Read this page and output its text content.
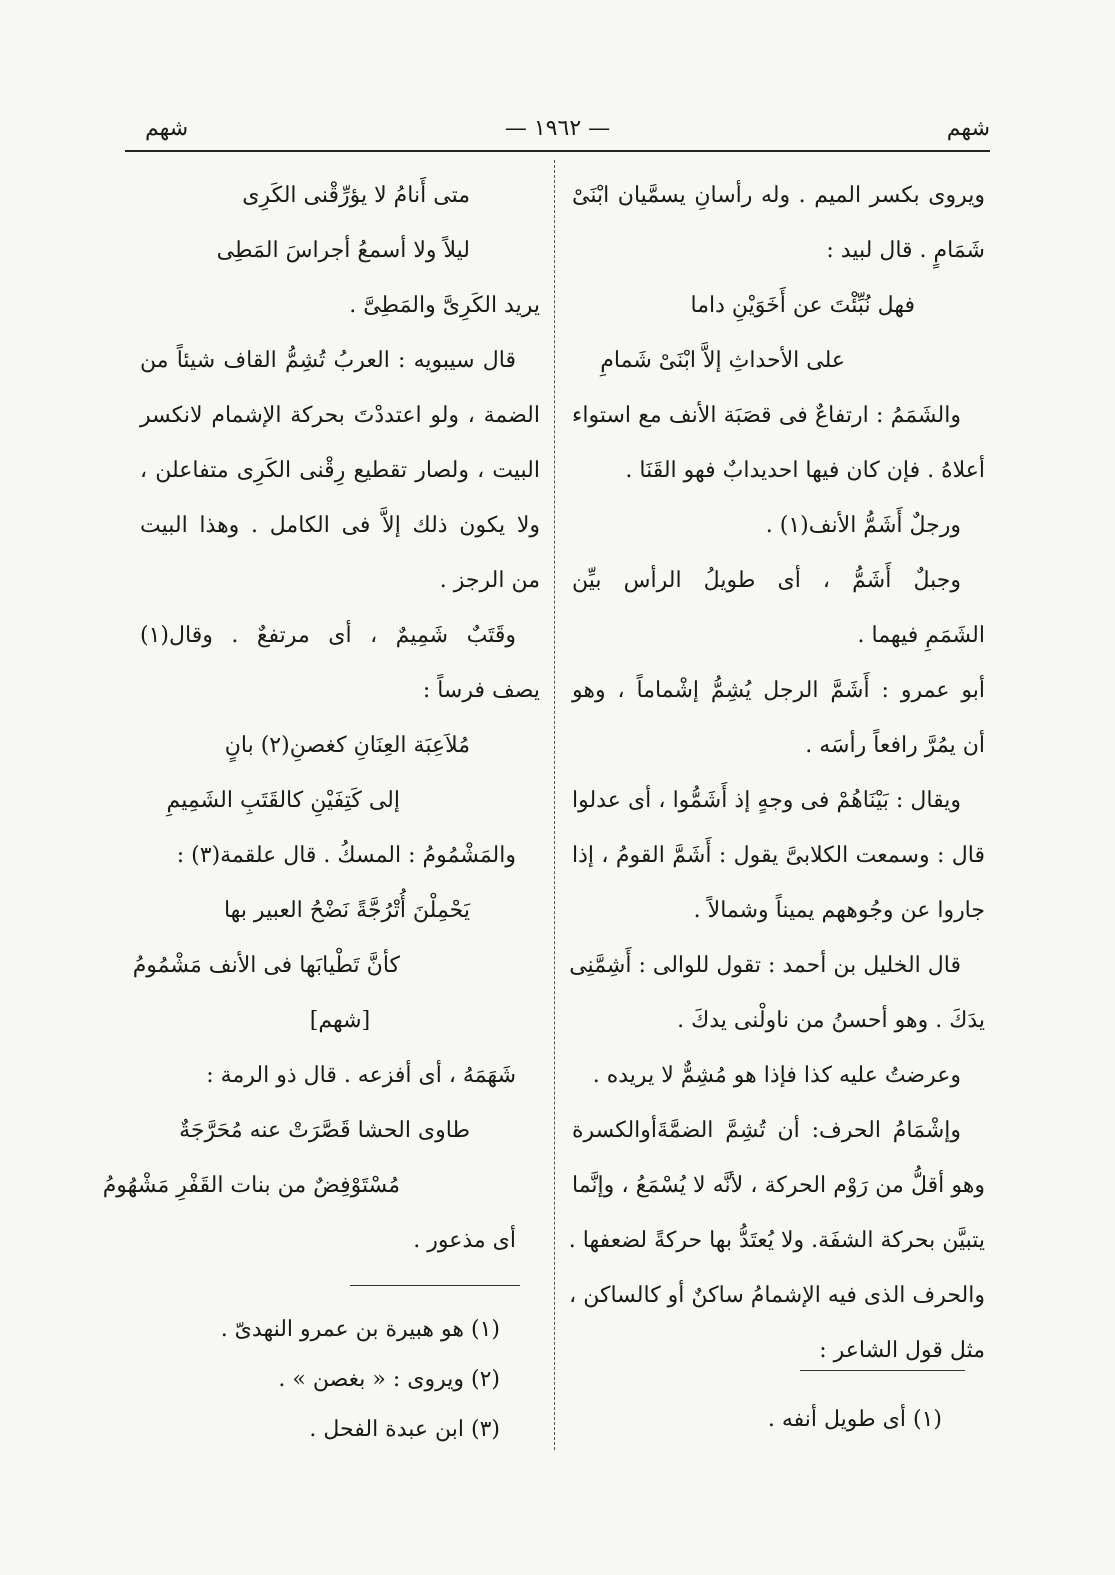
شهم
— ١٩٦٢ —
شهم
ويروى بكسر الميم . وله رأسانِ يسمَّيان ابْنَىْ
شَمَامٍ . قال لبيد :
فهل نُبِّئْتَ عن أَخَوَيْنِ داما
على الأحداثِ إلاَّ ابْنَىْ شَمامِ
والشَمَمُ : ارتفاعٌ فى قصَبَة الأنف مع استواء
أعلاهُ . فإن كان فيها احديدابٌ فهو القَنَا .
ورجلٌ أَشَمُّ الأنف(١) .
وجبلٌ أَشَمُّ ، أى طويلُ الرأس بيِّن
الشَمَمِ فيهما .
أبو عمرو : أَشَمَّ الرجل يُشِمُّ إشْماماً ، وهو
أن يمُرَّ رافعاً رأسَه .
ويقال : بَيْنَاهُمْ فى وجهٍ إذ أَشَمُّوا ، أى عدلوا
قال : وسمعت الكلابىَّ يقول : أَشَمَّ القومُ ، إذا
جاروا عن وجُوههم يميناً وشمالاً .
قال الخليل بن أحمد : تقول للوالى : أَشِمَّنِى
يدَكَ . وهو أحسنُ من ناولْنى يدكَ .
وعرضتُ عليه كذا فإذا هو مُشِمٌّ لا يريده .
وإشْمَامُ الحرف: أن تُشِمَّ الضمَّةَأوالكسرة
وهو أقلُّ من رَوْم الحركة ، لأنَّه لا يُسْمَعُ ، وإنَّما
يتبيَّن بحركة الشفَة. ولا يُعتَدُّ بها حركةً لضعفها .
والحرف الذى فيه الإشمامُ ساكنٌ أو كالساكن ،
مثل قول الشاعر :
متى أَنامُ لا يؤرِّقْنى الكَرِى
ليلاً ولا أسمعُ أجراسَ المَطِى
يريد الكَرِىَّ والمَطِىَّ .
قال سيبويه : العربُ تُشِمُّ القاف شيئاً من
الضمة ، ولو اعتددْتَ بحركة الإشمام لانكسر
البيت ، ولصار تقطيع رِقْنى الكَرِى متفاعلن ،
ولا يكون ذلك إلاَّ فى الكامل . وهذا البيت
من الرجز .
وقَتَبٌ شَمِيمٌ ، أى مرتفعٌ . وقال(١)
يصف فرساً :
مُلاَعِبَة العِنَانِ كغصنِ(٢) بانٍ
إلى كَتِفَيْنِ كالقَتَبِ الشَمِيمِ
والمَشْمُومُ : المسكُ . قال علقمة(٣) :
يَحْمِلْنَ أُتْرُجَّةً نَضْحُ العبير بها
كأنَّ تَطْيابَها فى الأنف مَشْمُومُ
[شهم]
شَهَمَهُ ، أى أفزعه . قال ذو الرمة :
طاوى الحشا قَصَّرَتْ عنه مُحَرَّجَةٌ
مُسْتَوْفِضٌ من بنات القَفْرِ مَشْهُومُ
أى مذعور .
(١) أى طويل أنفه .
(١) هو هبيرة بن عمرو النهدىّ .
(٢) ويروى : « بغصن » .
(٣) ابن عبدة الفحل .
